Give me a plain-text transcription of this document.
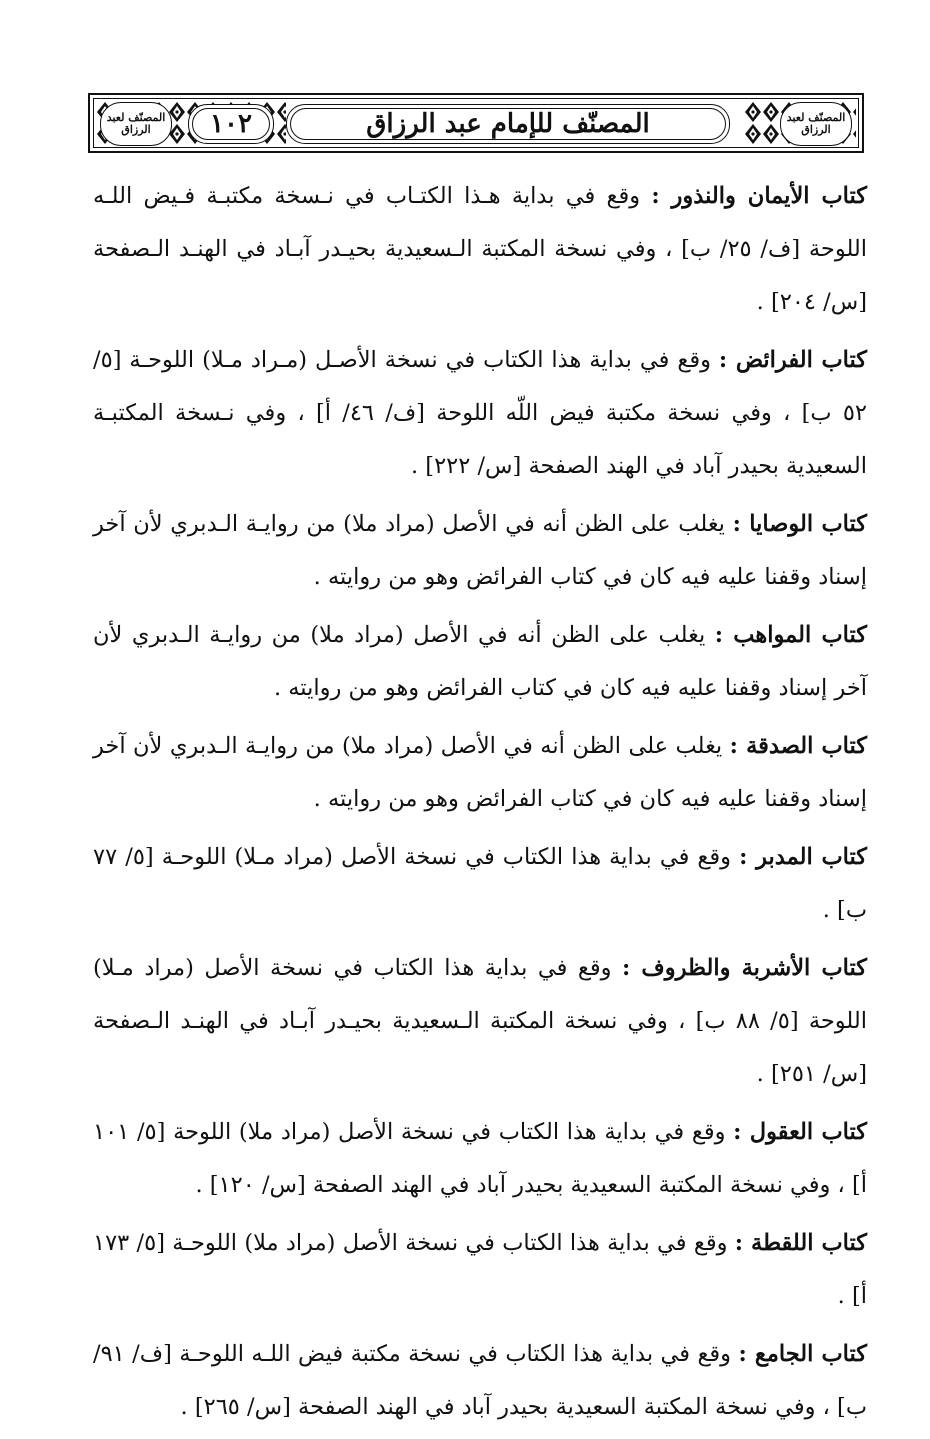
المصنّف لعبد الرزاق	١٠٢	المصنّف للإمام عبد الرزاق	المصنّف لعبد الرزاق

كتاب الأيمان والنذور : وقع في بداية هـذا الكتـاب في نـسخة مكتبـة فـيض اللـه اللوحة [ف/ ٢٥/ ب] ، وفي نسخة المكتبة الـسعيدية بحيـدر آبـاد في الهنـد الـصفحة [س/ ٢٠٤] .

كتاب الفرائض : وقع في بداية هذا الكتاب في نسخة الأصـل (مـراد مـلا) اللوحـة [٥/ ٥٢ ب] ، وفي نسخة مكتبة فيض اللّه اللوحة [ف/ ٤٦/ أ] ، وفي نـسخة المكتبـة السعيدية بحيدر آباد في الهند الصفحة [س/ ٢٢٢] .

كتاب الوصايا : يغلب على الظن أنه في الأصل (مراد ملا) من روايـة الـدبري لأن آخر إسناد وقفنا عليه فيه كان في كتاب الفرائض وهو من روايته .

كتاب المواهب : يغلب على الظن أنه في الأصل (مراد ملا) من روايـة الـدبري لأن آخر إسناد وقفنا عليه فيه كان في كتاب الفرائض وهو من روايته .

كتاب الصدقة : يغلب على الظن أنه في الأصل (مراد ملا) من روايـة الـدبري لأن آخر إسناد وقفنا عليه فيه كان في كتاب الفرائض وهو من روايته .

كتاب المدبر : وقع في بداية هذا الكتاب في نسخة الأصل (مراد مـلا) اللوحـة [٥/ ٧٧ ب] .

كتاب الأشربة والظروف : وقع في بداية هذا الكتاب في نسخة الأصل (مراد مـلا) اللوحة [٥/ ٨٨ ب] ، وفي نسخة المكتبة الـسعيدية بحيـدر آبـاد في الهنـد الـصفحة [س/ ٢٥١] .

كتاب العقول : وقع في بداية هذا الكتاب في نسخة الأصل (مراد ملا) اللوحة [٥/ ١٠١ أ] ، وفي نسخة المكتبة السعيدية بحيدر آباد في الهند الصفحة [س/ ١٢٠] .

كتاب اللقطة : وقع في بداية هذا الكتاب في نسخة الأصل (مراد ملا) اللوحـة [٥/ ١٧٣ أ] .

كتاب الجامع : وقع في بداية هذا الكتاب في نسخة مكتبة فيض اللـه اللوحـة [ف/ ٩١/ ب] ، وفي نسخة المكتبة السعيدية بحيدر آباد في الهند الصفحة [س/ ٢٦٥] .
